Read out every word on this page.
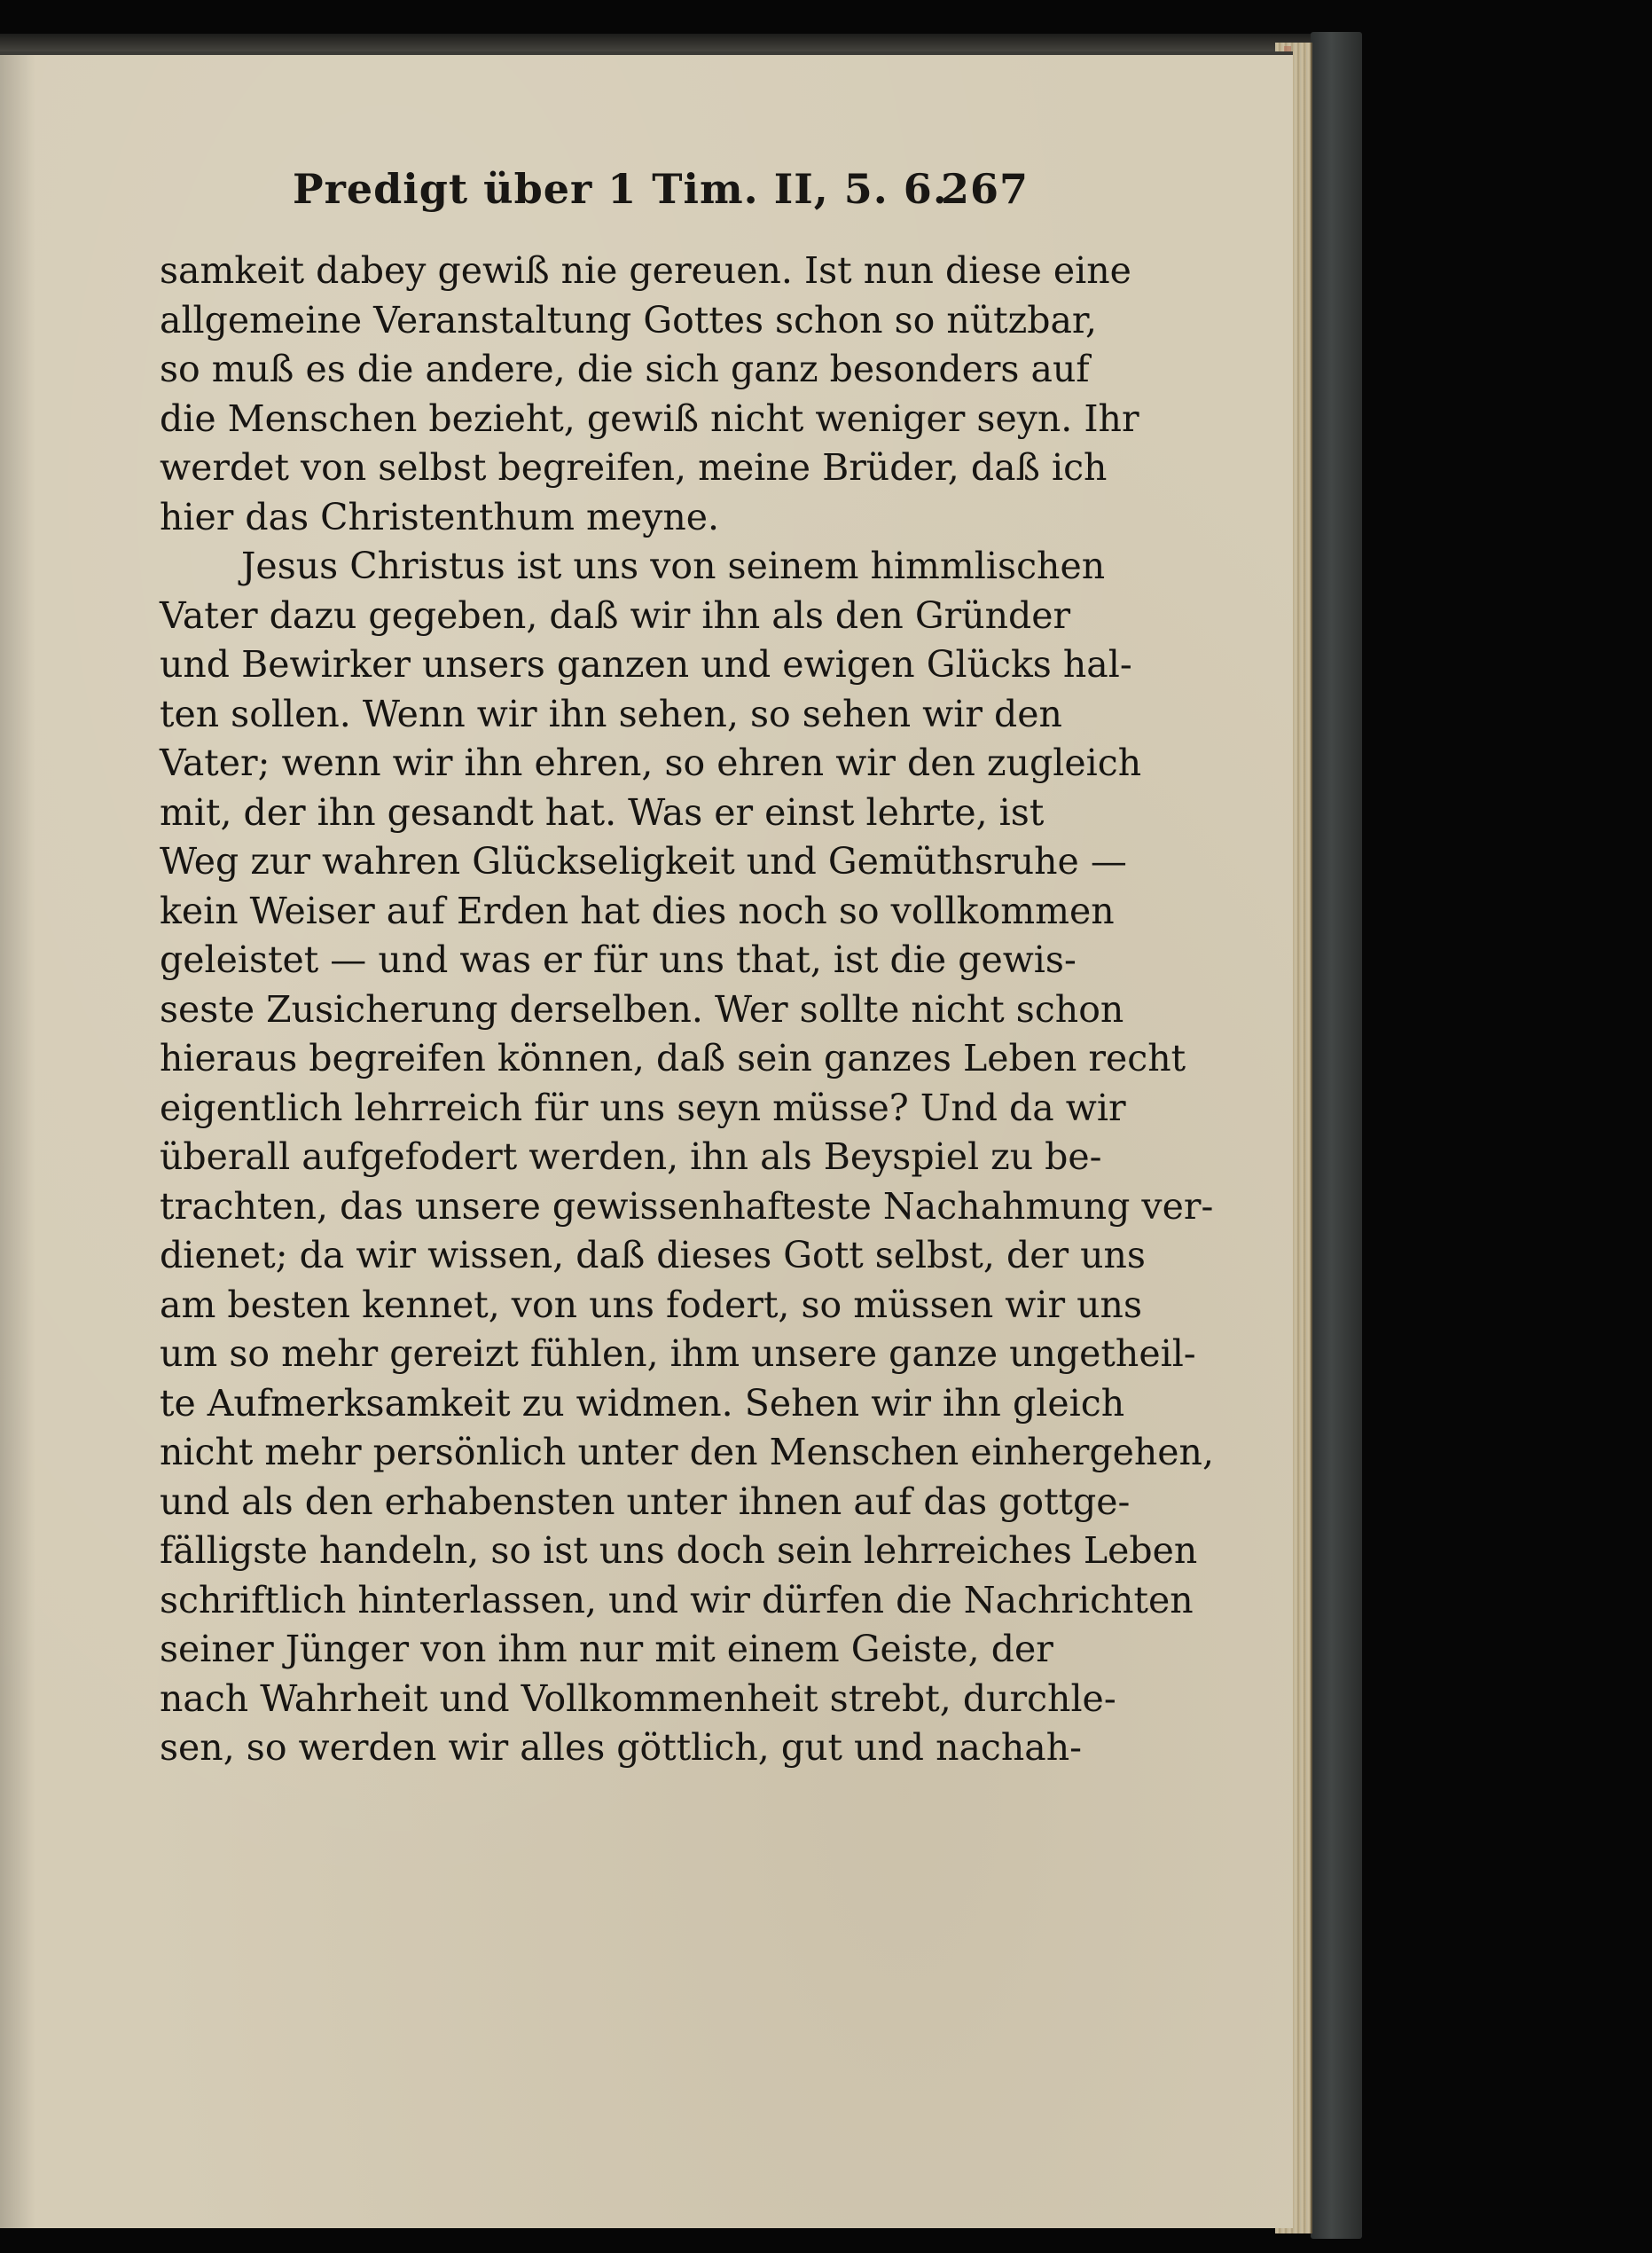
Predigt über 1 Tim. II, 5. 6.
267
samkeit dabey gewiß nie gereuen. Ist nun diese eine
allgemeine Veranstaltung Gottes schon so nützbar,
so muß es die andere, die sich ganz besonders auf
die Menschen bezieht, gewiß nicht weniger seyn. Ihr
werdet von selbst begreifen, meine Brüder, daß ich
hier das Christenthum meyne.
Jesus Christus ist uns von seinem himmlischen
Vater dazu gegeben, daß wir ihn als den Gründer
und Bewirker unsers ganzen und ewigen Glücks hal-
ten sollen. Wenn wir ihn sehen, so sehen wir den
Vater; wenn wir ihn ehren, so ehren wir den zugleich
mit, der ihn gesandt hat. Was er einst lehrte, ist
Weg zur wahren Glückseligkeit und Gemüthsruhe —
kein Weiser auf Erden hat dies noch so vollkommen
geleistet — und was er für uns that, ist die gewis-
seste Zusicherung derselben. Wer sollte nicht schon
hieraus begreifen können, daß sein ganzes Leben recht
eigentlich lehrreich für uns seyn müsse? Und da wir
überall aufgefodert werden, ihn als Beyspiel zu be-
trachten, das unsere gewissenhafteste Nachahmung ver-
dienet; da wir wissen, daß dieses Gott selbst, der uns
am besten kennet, von uns fodert, so müssen wir uns
um so mehr gereizt fühlen, ihm unsere ganze ungetheil-
te Aufmerksamkeit zu widmen. Sehen wir ihn gleich
nicht mehr persönlich unter den Menschen einhergehen,
und als den erhabensten unter ihnen auf das gottge-
fälligste handeln, so ist uns doch sein lehrreiches Leben
schriftlich hinterlassen, und wir dürfen die Nachrichten
seiner Jünger von ihm nur mit einem Geiste, der
nach Wahrheit und Vollkommenheit strebt, durchle-
sen, so werden wir alles göttlich, gut und nachah-
